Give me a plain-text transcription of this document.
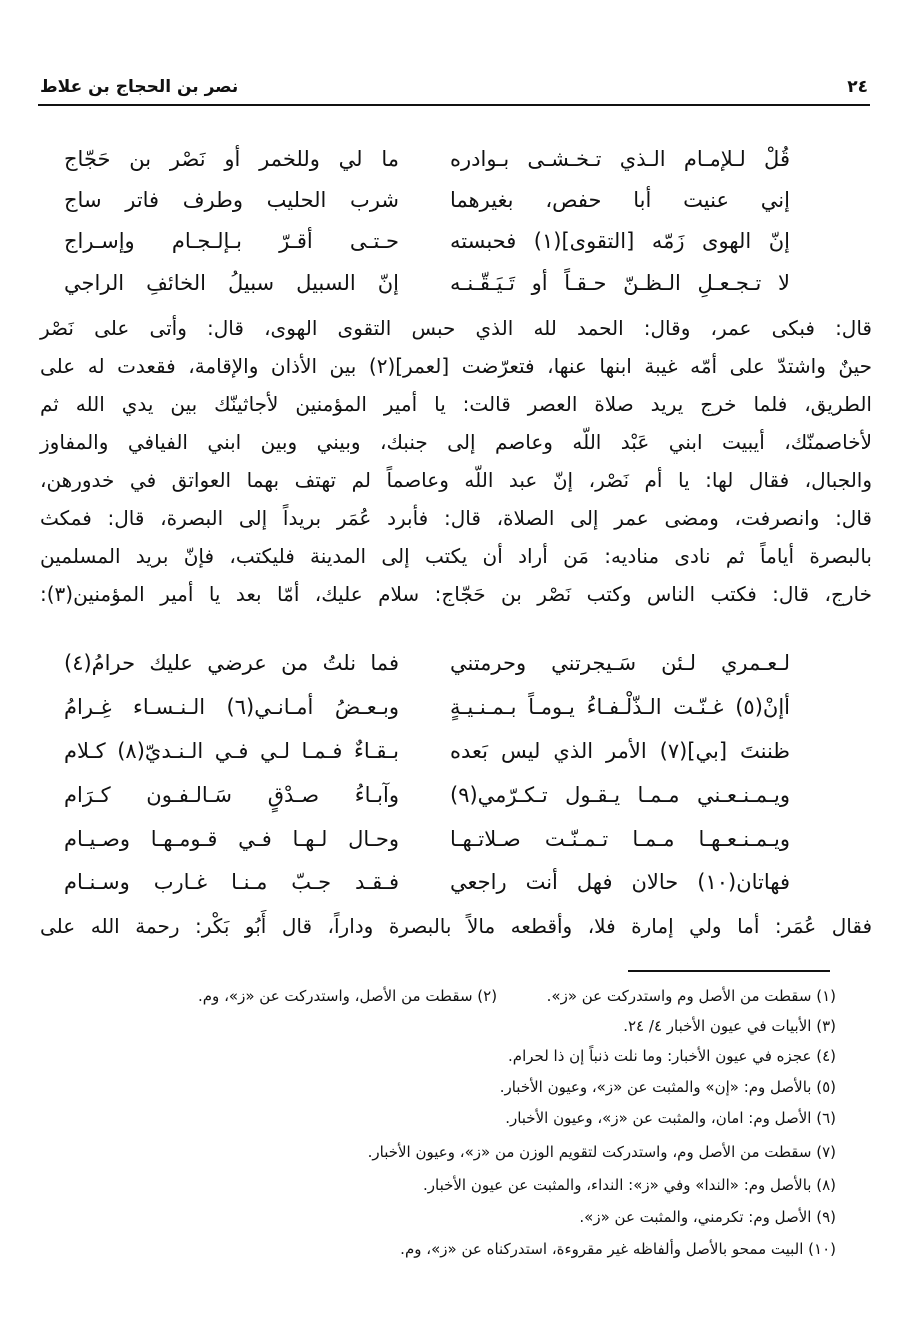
٢٤
نصر بن الحجاج بن علاط
قُلْ لـلإمـام الـذي تـخـشـى بـوادره
ما لي وللخمر أو نَصْر بن حَجّاج
إني عنيت أبا حفص، بغيرهما
شرب الحليب وطرف فاتر ساج
إنّ الهوى زَمّه [التقوى](١) فحبسته
حـتـى أقـرّ بـإلـجـام وإسـراج
لا تـجـعـلِ الـظـنّ حـقـاً أو تَـيَـقّـنـه
إنّ السبيل سبيلُ الخائفِ الراجي
قال: فبكى عمر، وقال: الحمد لله الذي حبس التقوى الهوى، قال: وأتى على نَصْر
حينٌ واشتدّ على أمّه غيبة ابنها عنها، فتعرّضت [لعمر](٢) بين الأذان والإقامة، فقعدت له على
الطريق، فلما خرج يريد صلاة العصر قالت: يا أمير المؤمنين لأجاثينّك بين يدي الله ثم
لأخاصمنّك، أيبيت ابني عَبْد اللّه وعاصم إلى جنبك، وبيني وبين ابني الفيافي والمفاوز
والجبال، فقال لها: يا أم نَصْر، إنّ عبد اللّه وعاصماً لم تهتف بهما العواتق في خدورهن،
قال: وانصرفت، ومضى عمر إلى الصلاة، قال: فأبرد عُمَر بريداً إلى البصرة، قال: فمكث
بالبصرة أياماً ثم نادى مناديه: مَن أراد أن يكتب إلى المدينة فليكتب، فإنّ بريد المسلمين
خارج، قال: فكتب الناس وكتب نَصْر بن حَجّاج: سلام عليك، أمّا بعد يا أمير المؤمنين(٣):
لـعـمري لـئن سَـيجرتني وحرمتني
فما نلتُ من عرضي عليك حرامُ(٤)
أإنْ(٥) غـنّـت الـذّلْـفـاءُ يـومـاً بـمـنـيـةٍ
وبـعـضُ أمـانـي(٦) الـنـسـاء غِـرامُ
ظننتَ [بي](٧) الأمر الذي ليس بَعده
بـقـاءٌ فـمـا لـي فـي الـنـديّ(٨) كـلام
ويـمـنـعـني مـمـا يـقـول تـكـرّمي(٩)
وآبـاءُ صـدْقٍ سَـالـفـون كـرَام
ويـمـنـعـهـا مـمـا تـمـنّـت صـلاتـهـا
وحـال لـهـا فـي قـومـهـا وصـيـام
فهاتان(١٠) حالان فهل أنت راجعي
فـقـد جـبّ مـنـا غـارب وسـنـام
فقال عُمَر: أما ولي إمارة فلا، وأقطعه مالاً بالبصرة وداراً، قال أَبُو بَكْر: رحمة الله على
(١) سقطت من الأصل وم واستدركت عن «ز».  (٢) سقطت من الأصل، واستدركت عن «ز»، وم.
(٣) الأبيات في عيون الأخبار ٤/ ٢٤.
(٤) عجزه في عيون الأخبار: وما نلت ذنباً إن ذا لحرام.
(٥) بالأصل وم: «إن» والمثبت عن «ز»، وعيون الأخبار.
(٦) الأصل وم: امان، والمثبت عن «ز»، وعيون الأخبار.
(٧) سقطت من الأصل وم، واستدركت لتقويم الوزن من «ز»، وعيون الأخبار.
(٨) بالأصل وم: «الندا» وفي «ز»: النداء، والمثبت عن عيون الأخبار.
(٩) الأصل وم: تكرمني، والمثبت عن «ز».
(١٠) البيت ممحو بالأصل وألفاظه غير مقروءة، استدركناه عن «ز»، وم.
